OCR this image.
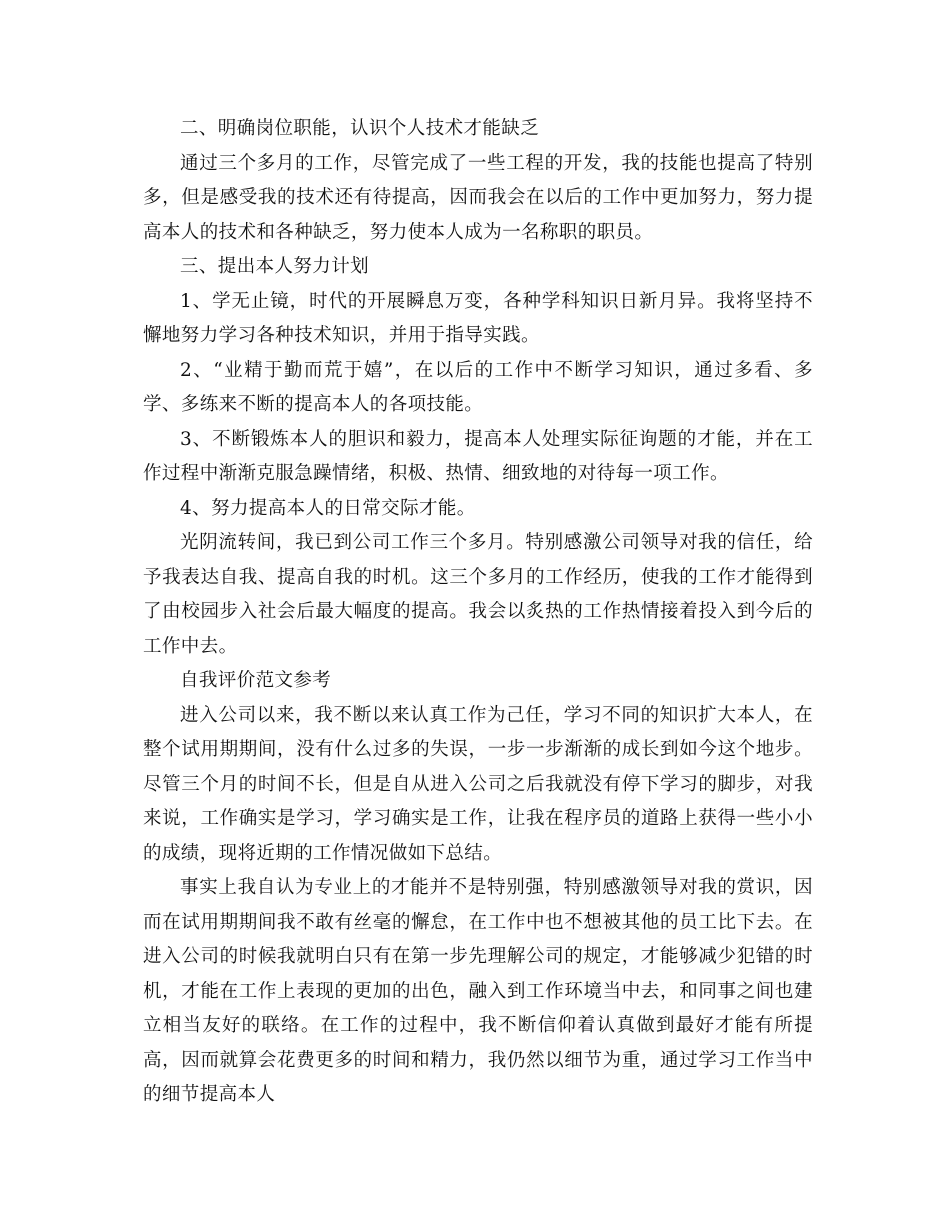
二、明确岗位职能，认识个人技术才能缺乏

通过三个多月的工作，尽管完成了一些工程的开发，我的技能也提高了特别多，但是感受我的技术还有待提高，因而我会在以后的工作中更加努力，努力提高本人的技术和各种缺乏，努力使本人成为一名称职的职员。

三、提出本人努力计划

1、学无止镜，时代的开展瞬息万变，各种学科知识日新月异。我将坚持不懈地努力学习各种技术知识，并用于指导实践。

2、“业精于勤而荒于嬉”，在以后的工作中不断学习知识，通过多看、多学、多练来不断的提高本人的各项技能。

3、不断锻炼本人的胆识和毅力，提高本人处理实际征询题的才能，并在工作过程中渐渐克服急躁情绪，积极、热情、细致地的对待每一项工作。

4、努力提高本人的日常交际才能。

光阴流转间，我已到公司工作三个多月。特别感激公司领导对我的信任，给予我表达自我、提高自我的时机。这三个多月的工作经历，使我的工作才能得到了由校园步入社会后最大幅度的提高。我会以炙热的工作热情接着投入到今后的工作中去。

自我评价范文参考

进入公司以来，我不断以来认真工作为己任，学习不同的知识扩大本人，在整个试用期期间，没有什么过多的失误，一步一步渐渐的成长到如今这个地步。尽管三个月的时间不长，但是自从进入公司之后我就没有停下学习的脚步，对我来说，工作确实是学习，学习确实是工作，让我在程序员的道路上获得一些小小的成绩，现将近期的工作情况做如下总结。

事实上我自认为专业上的才能并不是特别强，特别感激领导对我的赏识，因而在试用期期间我不敢有丝毫的懈怠，在工作中也不想被其他的员工比下去。在进入公司的时候我就明白只有在第一步先理解公司的规定，才能够减少犯错的时机，才能在工作上表现的更加的出色，融入到工作环境当中去，和同事之间也建立相当友好的联络。在工作的过程中，我不断信仰着认真做到最好才能有所提高，因而就算会花费更多的时间和精力，我仍然以细节为重，通过学习工作当中的细节提高本人
